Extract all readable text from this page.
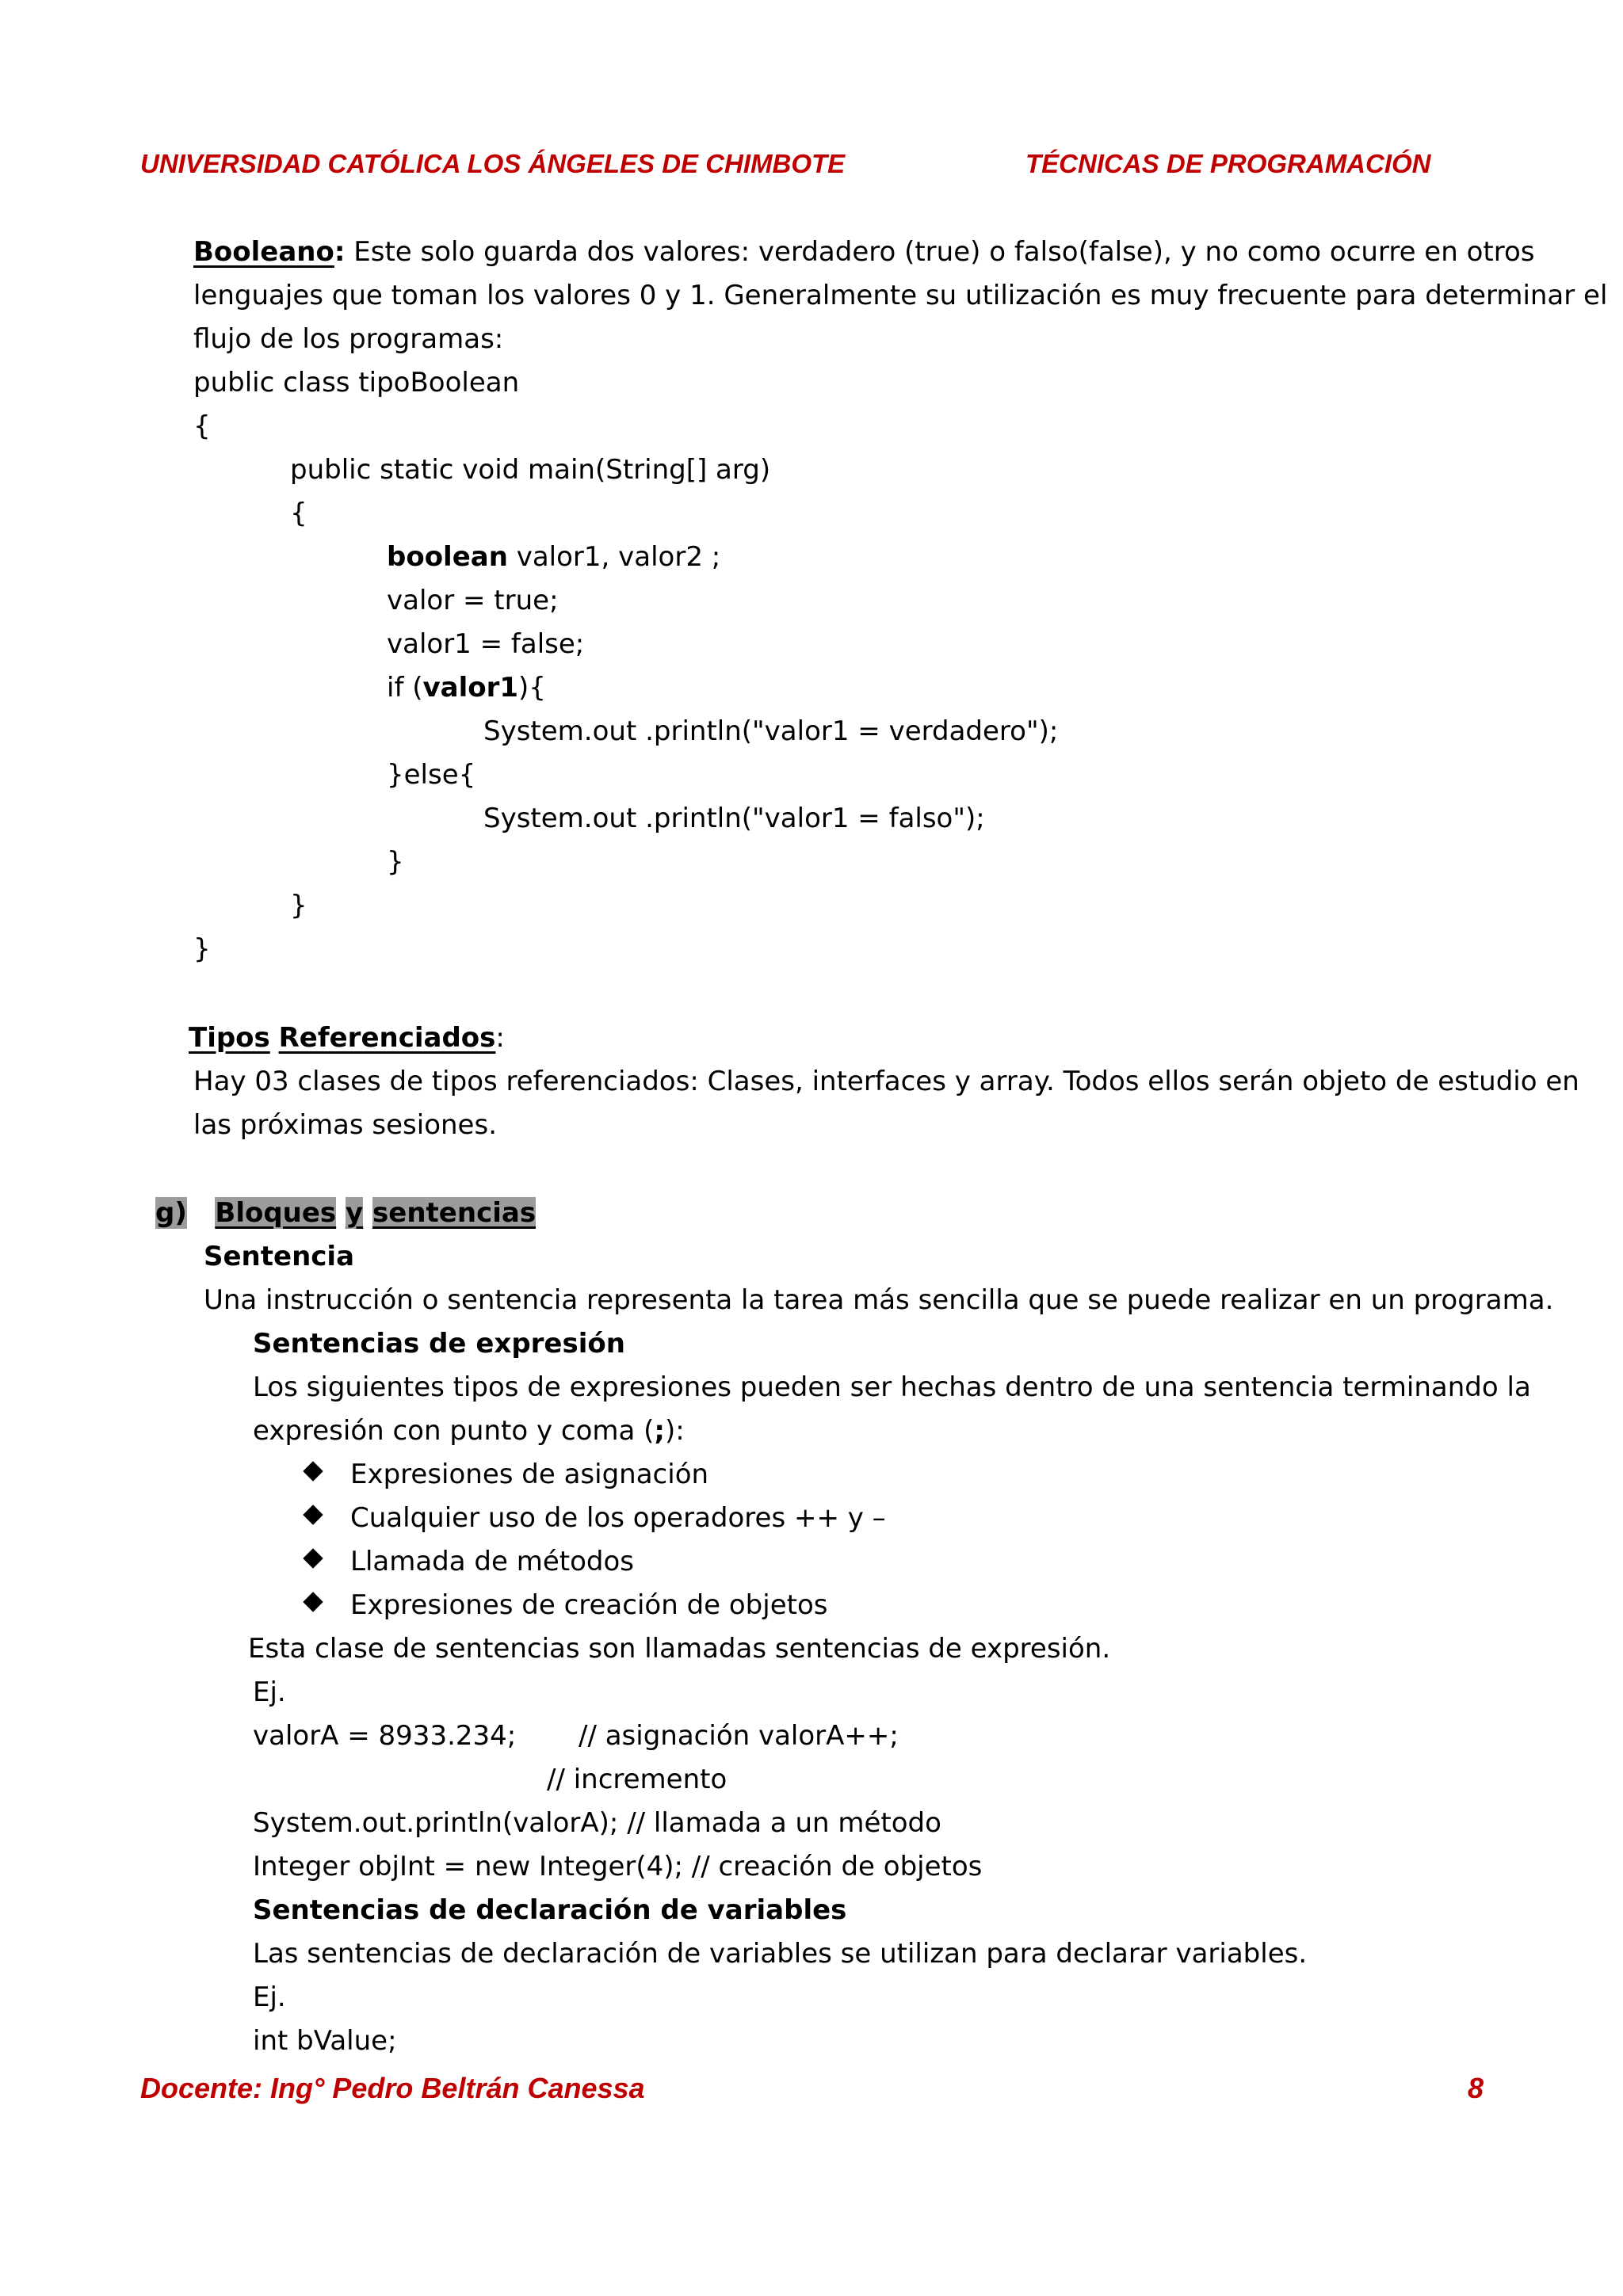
UNIVERSIDAD CATÓLICA LOS ÁNGELES DE CHIMBOTE	TÉCNICAS DE PROGRAMACIÓN
Booleano: Este solo guarda dos valores: verdadero (true) o falso(false), y no como ocurre en otros
lenguajes que toman los valores 0 y 1. Generalmente su utilización es muy frecuente para determinar el
flujo de los programas:
public class tipoBoolean
{
public static void main(String[] arg)
{
boolean valor1, valor2 ;
valor = true;
valor1 = false;
if (valor1){
System.out .println("valor1 = verdadero");
}else{
System.out .println("valor1 = falso");
}
}
}
Tipos Referenciados:
Hay 03 clases de tipos referenciados: Clases, interfaces y array. Todos ellos serán objeto de estudio en
las próximas sesiones.
g) Bloques y sentencias
Sentencia
Una instrucción o sentencia representa la tarea más sencilla que se puede realizar en un programa.
Sentencias de expresión
Los siguientes tipos de expresiones pueden ser hechas dentro de una sentencia terminando la
expresión con punto y coma (;):
Expresiones de asignación
Cualquier uso de los operadores ++ y –
Llamada de métodos
Expresiones de creación de objetos
Esta clase de sentencias son llamadas sentencias de expresión.
Ej.
valorA = 8933.234; // asignación valorA++;
// incremento
System.out.println(valorA); // llamada a un método
Integer objInt = new Integer(4); // creación de objetos
Sentencias de declaración de variables
Las sentencias de declaración de variables se utilizan para declarar variables.
Ej.
int bValue;
Docente: Ing° Pedro Beltrán Canessa	8
